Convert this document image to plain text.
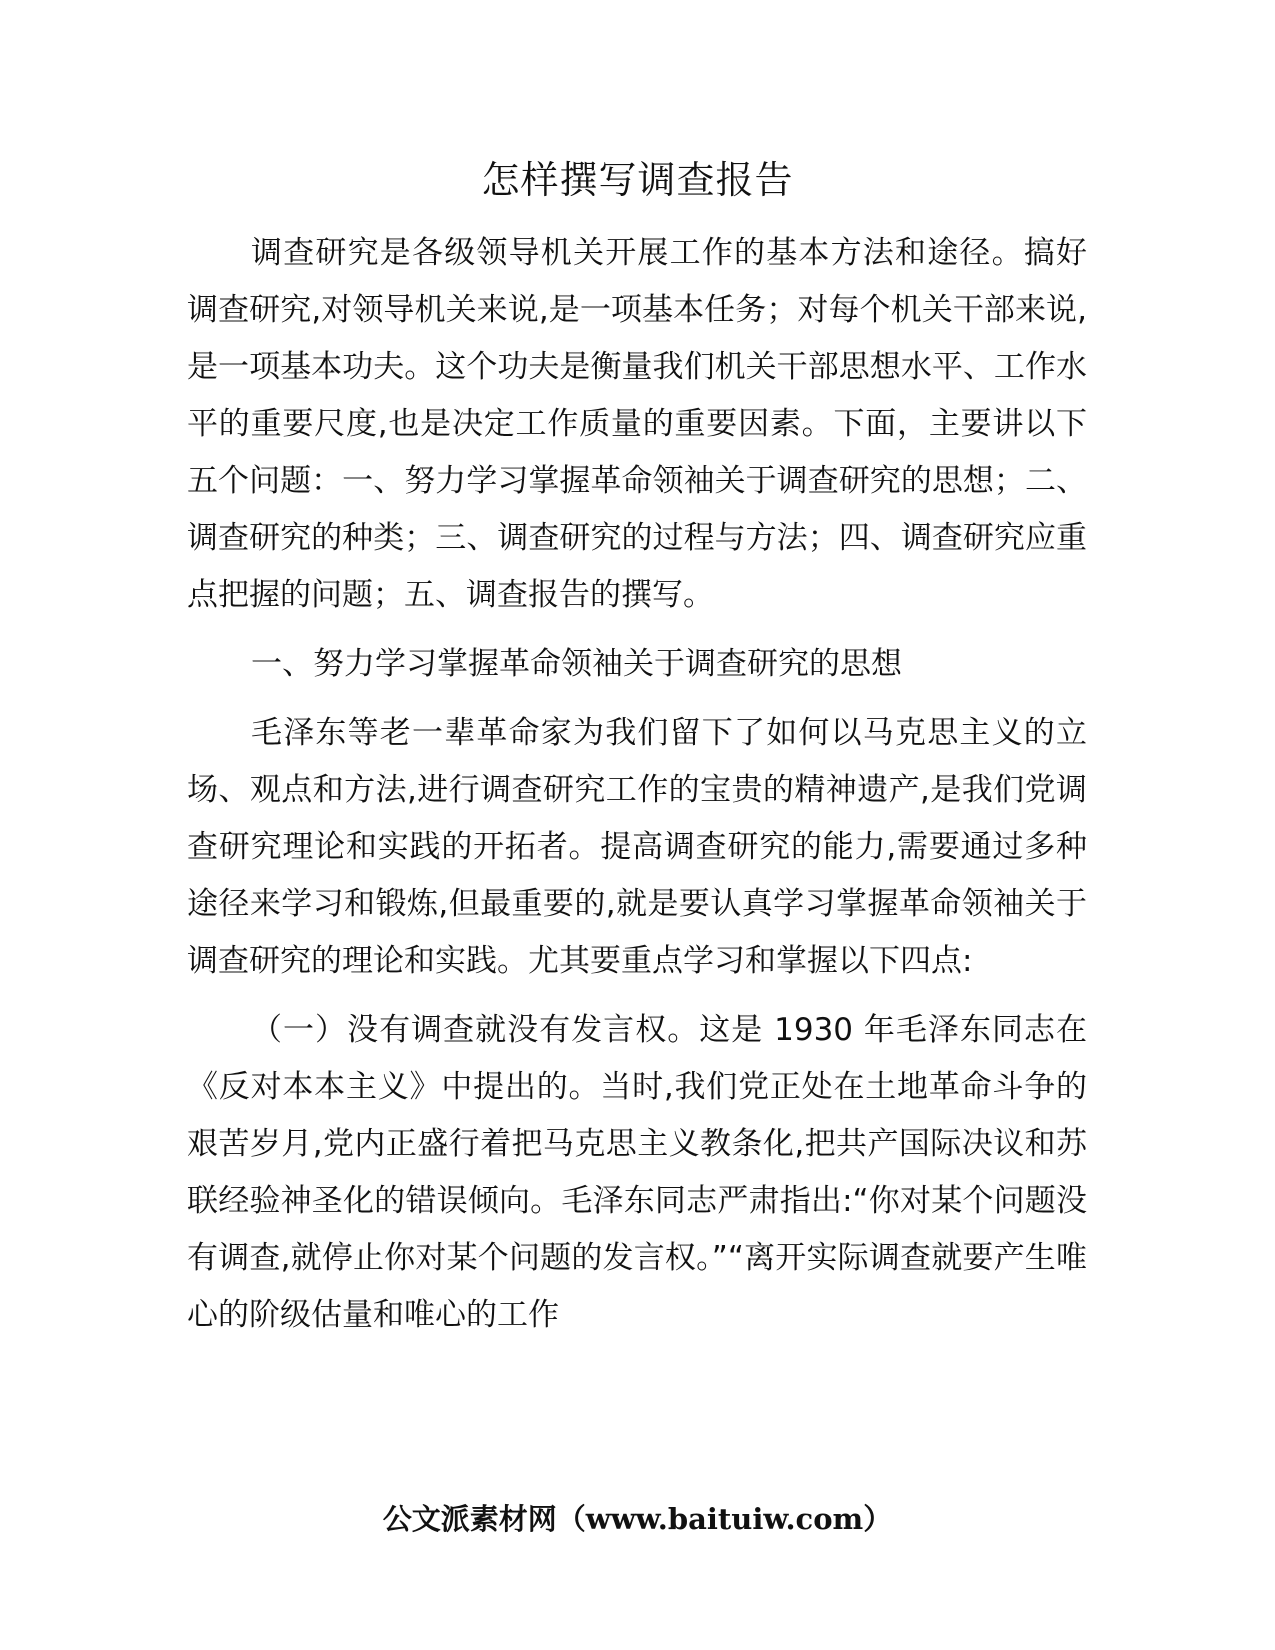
怎样撰写调查报告

调查研究是各级领导机关开展工作的基本方法和途径。搞好调查研究,对领导机关来说,是一项基本任务；对每个机关干部来说,是一项基本功夫。这个功夫是衡量我们机关干部思想水平、工作水平的重要尺度,也是决定工作质量的重要因素。下面，主要讲以下五个问题：一、努力学习掌握革命领袖关于调查研究的思想；二、调查研究的种类；三、调查研究的过程与方法；四、调查研究应重点把握的问题；五、调查报告的撰写。

一、努力学习掌握革命领袖关于调查研究的思想

毛泽东等老一辈革命家为我们留下了如何以马克思主义的立场、观点和方法,进行调查研究工作的宝贵的精神遗产,是我们党调查研究理论和实践的开拓者。提高调查研究的能力,需要通过多种途径来学习和锻炼,但最重要的,就是要认真学习掌握革命领袖关于调查研究的理论和实践。尤其要重点学习和掌握以下四点:

（一）没有调查就没有发言权。这是 1930 年毛泽东同志在《反对本本主义》中提出的。当时,我们党正处在土地革命斗争的艰苦岁月,党内正盛行着把马克思主义教条化,把共产国际决议和苏联经验神圣化的错误倾向。毛泽东同志严肃指出:“你对某个问题没有调查,就停止你对某个问题的发言权。”“离开实际调查就要产生唯心的阶级估量和唯心的工作

公文派素材网（www.baituiw.com）
